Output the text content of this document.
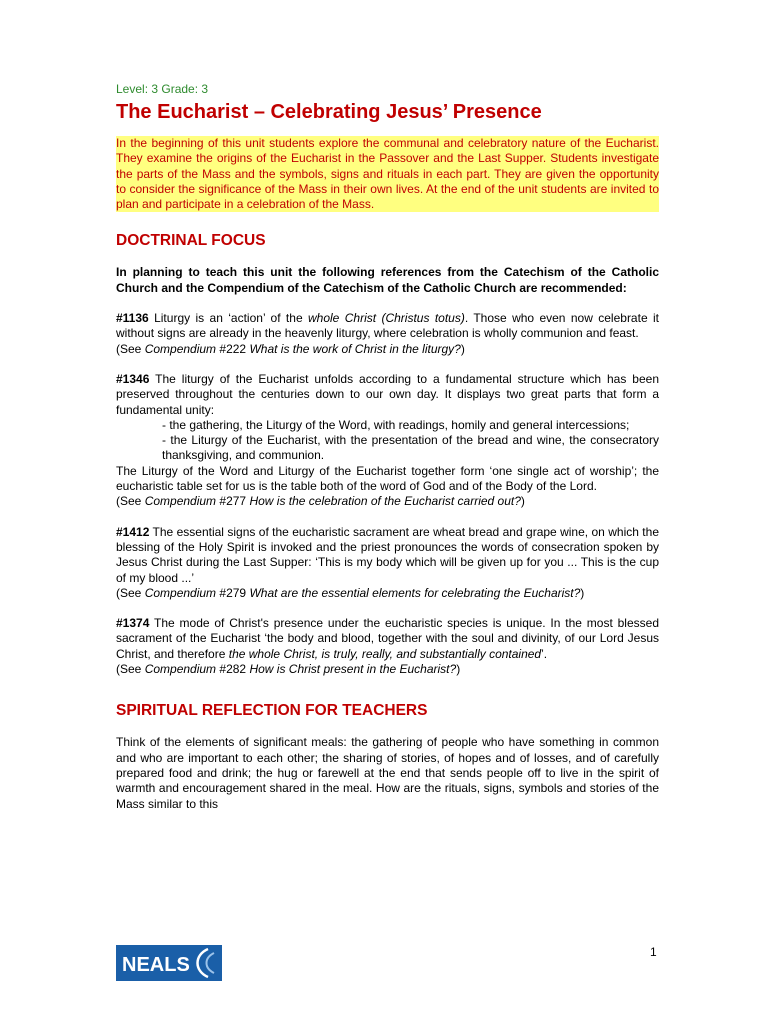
Level: 3 Grade: 3
The Eucharist – Celebrating Jesus’ Presence
In the beginning of this unit students explore the communal and celebratory nature of the Eucharist. They examine the origins of the Eucharist in the Passover and the Last Supper. Students investigate the parts of the Mass and the symbols, signs and rituals in each part. They are given the opportunity to consider the significance of the Mass in their own lives. At the end of the unit students are invited to plan and participate in a celebration of the Mass.
DOCTRINAL FOCUS

In planning to teach this unit the following references from the Catechism of the Catholic Church and the Compendium of the Catechism of the Catholic Church are recommended:

#1136 Liturgy is an ‘action’ of the whole Christ (Christus totus). Those who even now celebrate it without signs are already in the heavenly liturgy, where celebration is wholly communion and feast.
(See Compendium #222 What is the work of Christ in the liturgy?)

#1346 The liturgy of the Eucharist unfolds according to a fundamental structure which has been preserved throughout the centuries down to our own day. It displays two great parts that form a fundamental unity:

- the gathering, the Liturgy of the Word, with readings, homily and general intercessions;

- the Liturgy of the Eucharist, with the presentation of the bread and wine, the consecratory thanksgiving, and communion.

The Liturgy of the Word and Liturgy of the Eucharist together form ‘one single act of worship’; the eucharistic table set for us is the table both of the word of God and of the Body of the Lord.

(See Compendium #277 How is the celebration of the Eucharist carried out?)

#1412 The essential signs of the eucharistic sacrament are wheat bread and grape wine, on which the blessing of the Holy Spirit is invoked and the priest pronounces the words of consecration spoken by Jesus Christ during the Last Supper: ‘This is my body which will be given up for you ... This is the cup of my blood ...’
(See Compendium #279 What are the essential elements for celebrating the Eucharist?)

#1374 The mode of Christ's presence under the eucharistic species is unique. In the most blessed sacrament of the Eucharist ‘the body and blood, together with the soul and divinity, of our Lord Jesus Christ, and therefore the whole Christ, is truly, really, and substantially contained’.
(See Compendium #282 How is Christ present in the Eucharist?)

SPIRITUAL REFLECTION FOR TEACHERS

Think of the elements of significant meals: the gathering of people who have something in common and who are important to each other; the sharing of stories, of hopes and of losses, and of carefully prepared food and drink; the hug or farewell at the end that sends people off to live in the spirit of warmth and encouragement shared in the meal. How are the rituals, signs, symbols and stories of the Mass similar to this

1
NEALS
